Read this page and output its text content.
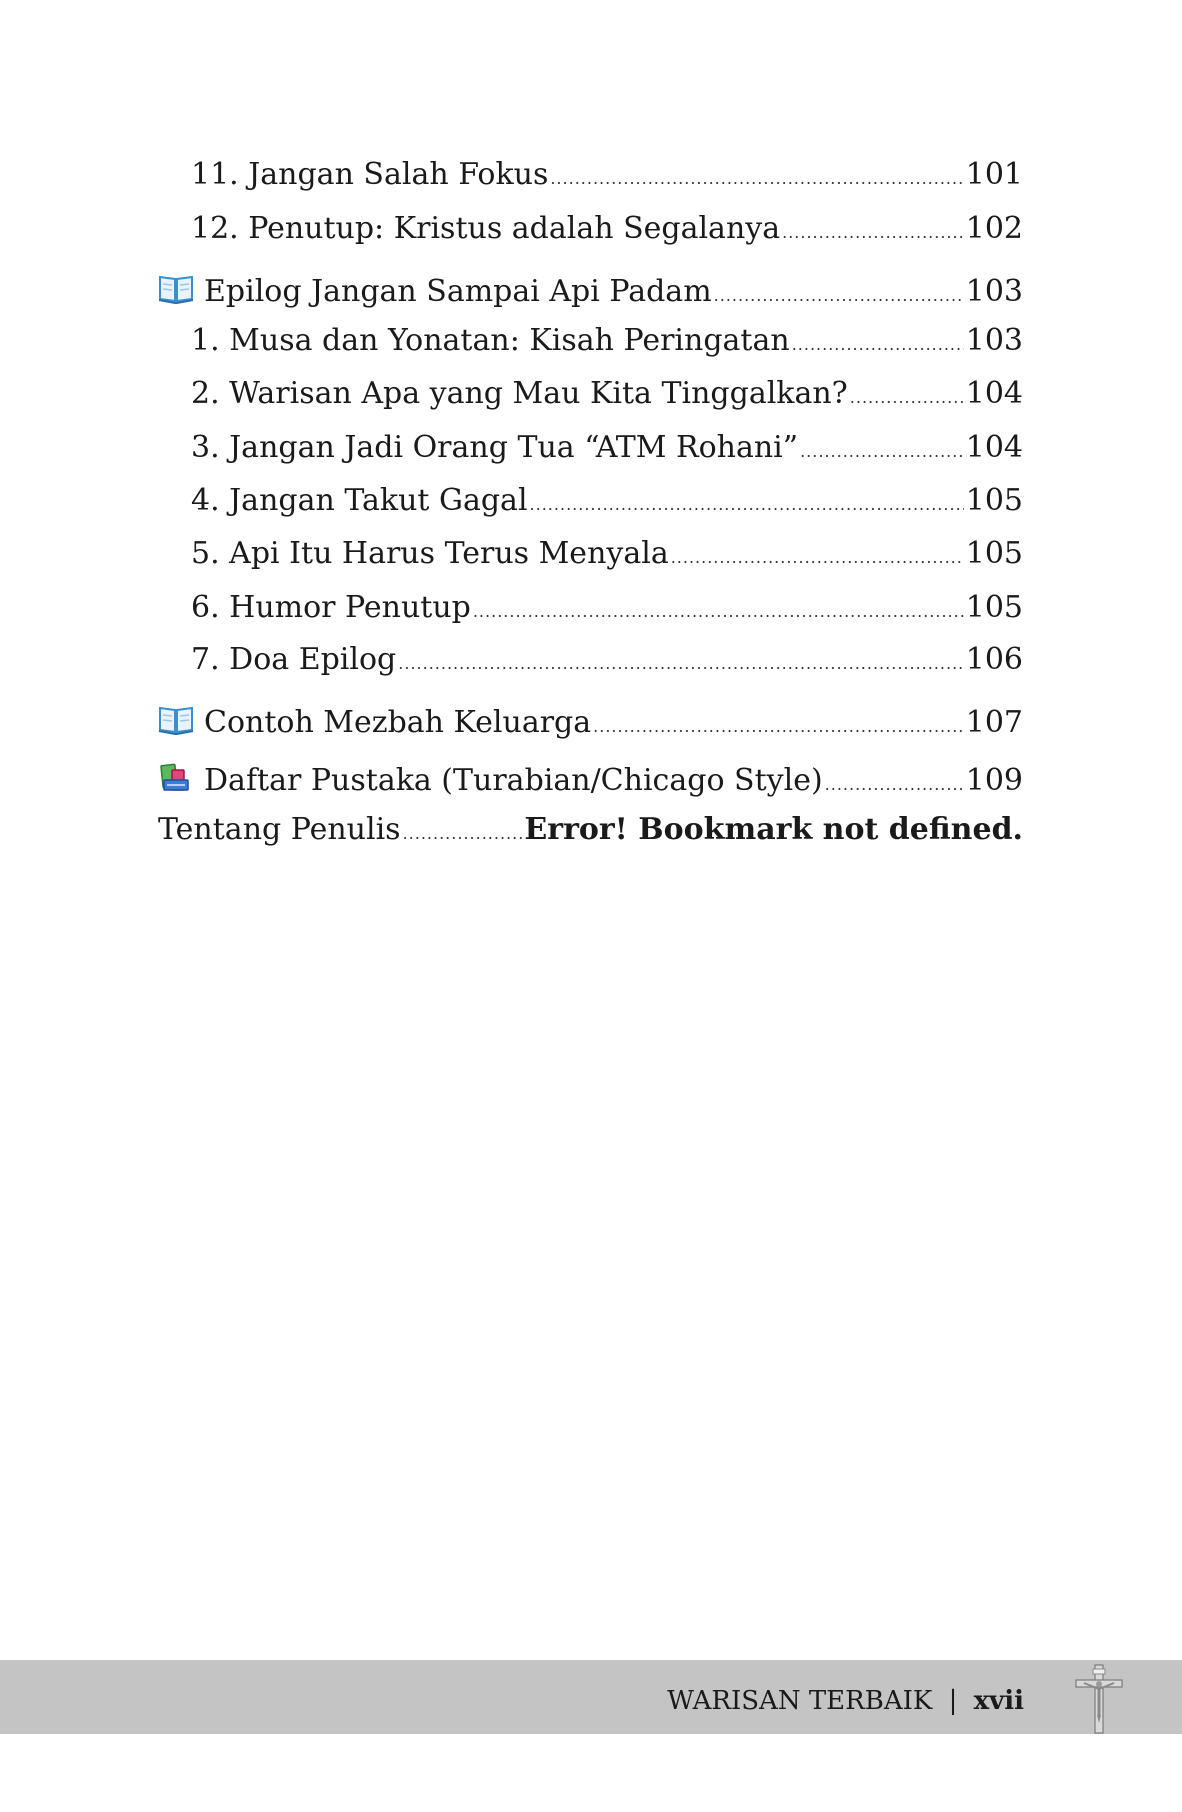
11. Jangan Salah Fokus .....	101
12. Penutup: Kristus adalah Segalanya .....	102
Epilog Jangan Sampai Api Padam .....	103
1. Musa dan Yonatan: Kisah Peringatan .....	103
2. Warisan Apa yang Mau Kita Tinggalkan? .....	104
3. Jangan Jadi Orang Tua “ATM Rohani” .....	104
4. Jangan Takut Gagal .....	105
5. Api Itu Harus Terus Menyala .....	105
6. Humor Penutup .....	105
7. Doa Epilog .....	106
Contoh Mezbah Keluarga .....	107
Daftar Pustaka (Turabian/Chicago Style) .....	109
Tentang Penulis .....	Error! Bookmark not defined.
WARISAN TERBAIK | xvii
